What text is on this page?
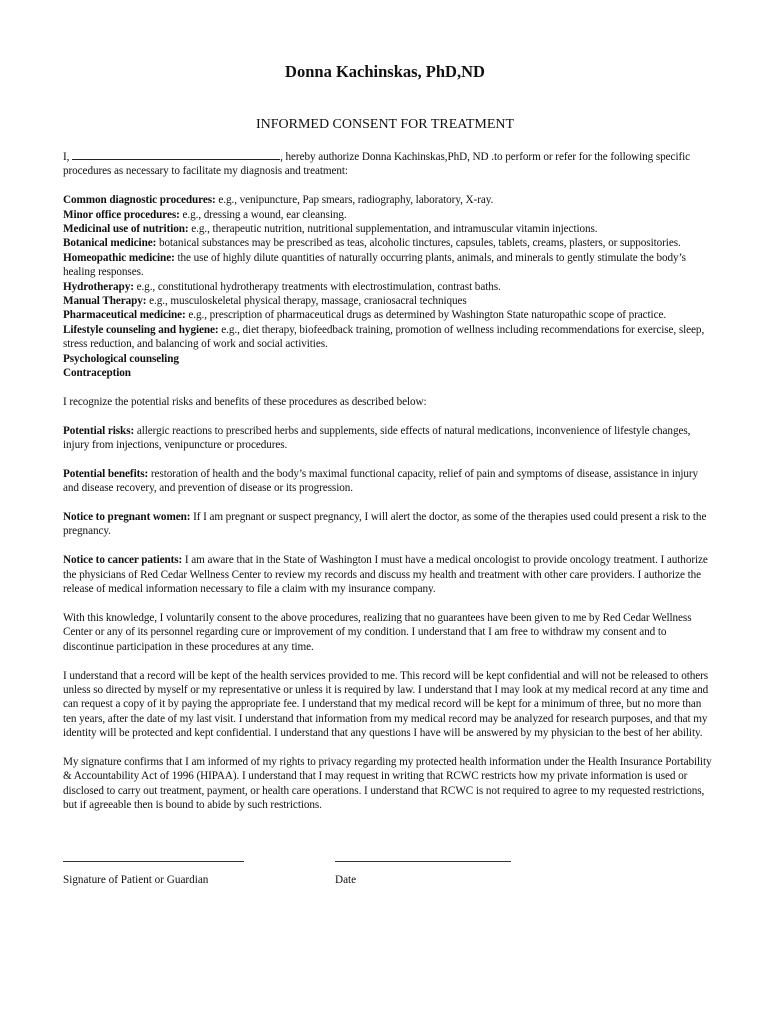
Donna Kachinskas, PhD,ND
INFORMED CONSENT FOR TREATMENT

I,	, hereby authorize Donna Kachinskas,PhD, ND .to perform or refer for the following specific procedures as necessary to facilitate my diagnosis and treatment:

Common diagnostic procedures: e.g., venipuncture, Pap smears, radiography, laboratory, X-ray.

Minor office procedures: e.g., dressing a wound, ear cleansing.

Medicinal use of nutrition: e.g., therapeutic nutrition, nutritional supplementation, and intramuscular vitamin injections.

Botanical medicine: botanical substances may be prescribed as teas, alcoholic tinctures, capsules, tablets, creams, plasters, or suppositories.

Homeopathic medicine: the use of highly dilute quantities of naturally occurring plants, animals, and minerals to gently stimulate the body’s healing responses.

Hydrotherapy: e.g., constitutional hydrotherapy treatments with electrostimulation, contrast baths.

Manual Therapy: e.g., musculoskeletal physical therapy, massage, craniosacral techniques

Pharmaceutical medicine: e.g., prescription of pharmaceutical drugs as determined by Washington State naturopathic scope of practice.

Lifestyle counseling and hygiene: e.g., diet therapy, biofeedback training, promotion of wellness including recommendations for exercise, sleep, stress reduction, and balancing of work and social activities.

Psychological counseling

Contraception

I recognize the potential risks and benefits of these procedures as described below:

Potential risks: allergic reactions to prescribed herbs and supplements, side effects of natural medications, inconvenience of lifestyle changes, injury from injections, venipuncture or procedures.

Potential benefits: restoration of health and the body’s maximal functional capacity, relief of pain and symptoms of disease, assistance in injury and disease recovery, and prevention of disease or its progression.

Notice to pregnant women: If I am pregnant or suspect pregnancy, I will alert the doctor, as some of the therapies used could present a risk to the pregnancy.

Notice to cancer patients: I am aware that in the State of Washington I must have a medical oncologist to provide oncology treatment. I authorize the physicians of Red Cedar Wellness Center to review my records and discuss my health and treatment with other care providers. I authorize the release of medical information necessary to file a claim with my insurance company.

With this knowledge, I voluntarily consent to the above procedures, realizing that no guarantees have been given to me by Red Cedar Wellness Center or any of its personnel regarding cure or improvement of my condition. I understand that I am free to withdraw my consent and to discontinue participation in these procedures at any time.

I understand that a record will be kept of the health services provided to me. This record will be kept confidential and will not be released to others unless so directed by myself or my representative or unless it is required by law. I understand that I may look at my medical record at any time and can request a copy of it by paying the appropriate fee. I understand that my medical record will be kept for a minimum of three, but no more than ten years, after the date of my last visit. I understand that information from my medical record may be analyzed for research purposes, and that my identity will be protected and kept confidential. I understand that any questions I have will be answered by my physician to the best of her ability.

My signature confirms that I am informed of my rights to privacy regarding my protected health information under the Health Insurance Portability & Accountability Act of 1996 (HIPAA). I understand that I may request in writing that RCWC restricts how my private information is used or disclosed to carry out treatment, payment, or health care operations. I understand that RCWC is not required to agree to my requested restrictions, but if agreeable then is bound to abide by such restrictions.

Signature of Patient or Guardian	Date
